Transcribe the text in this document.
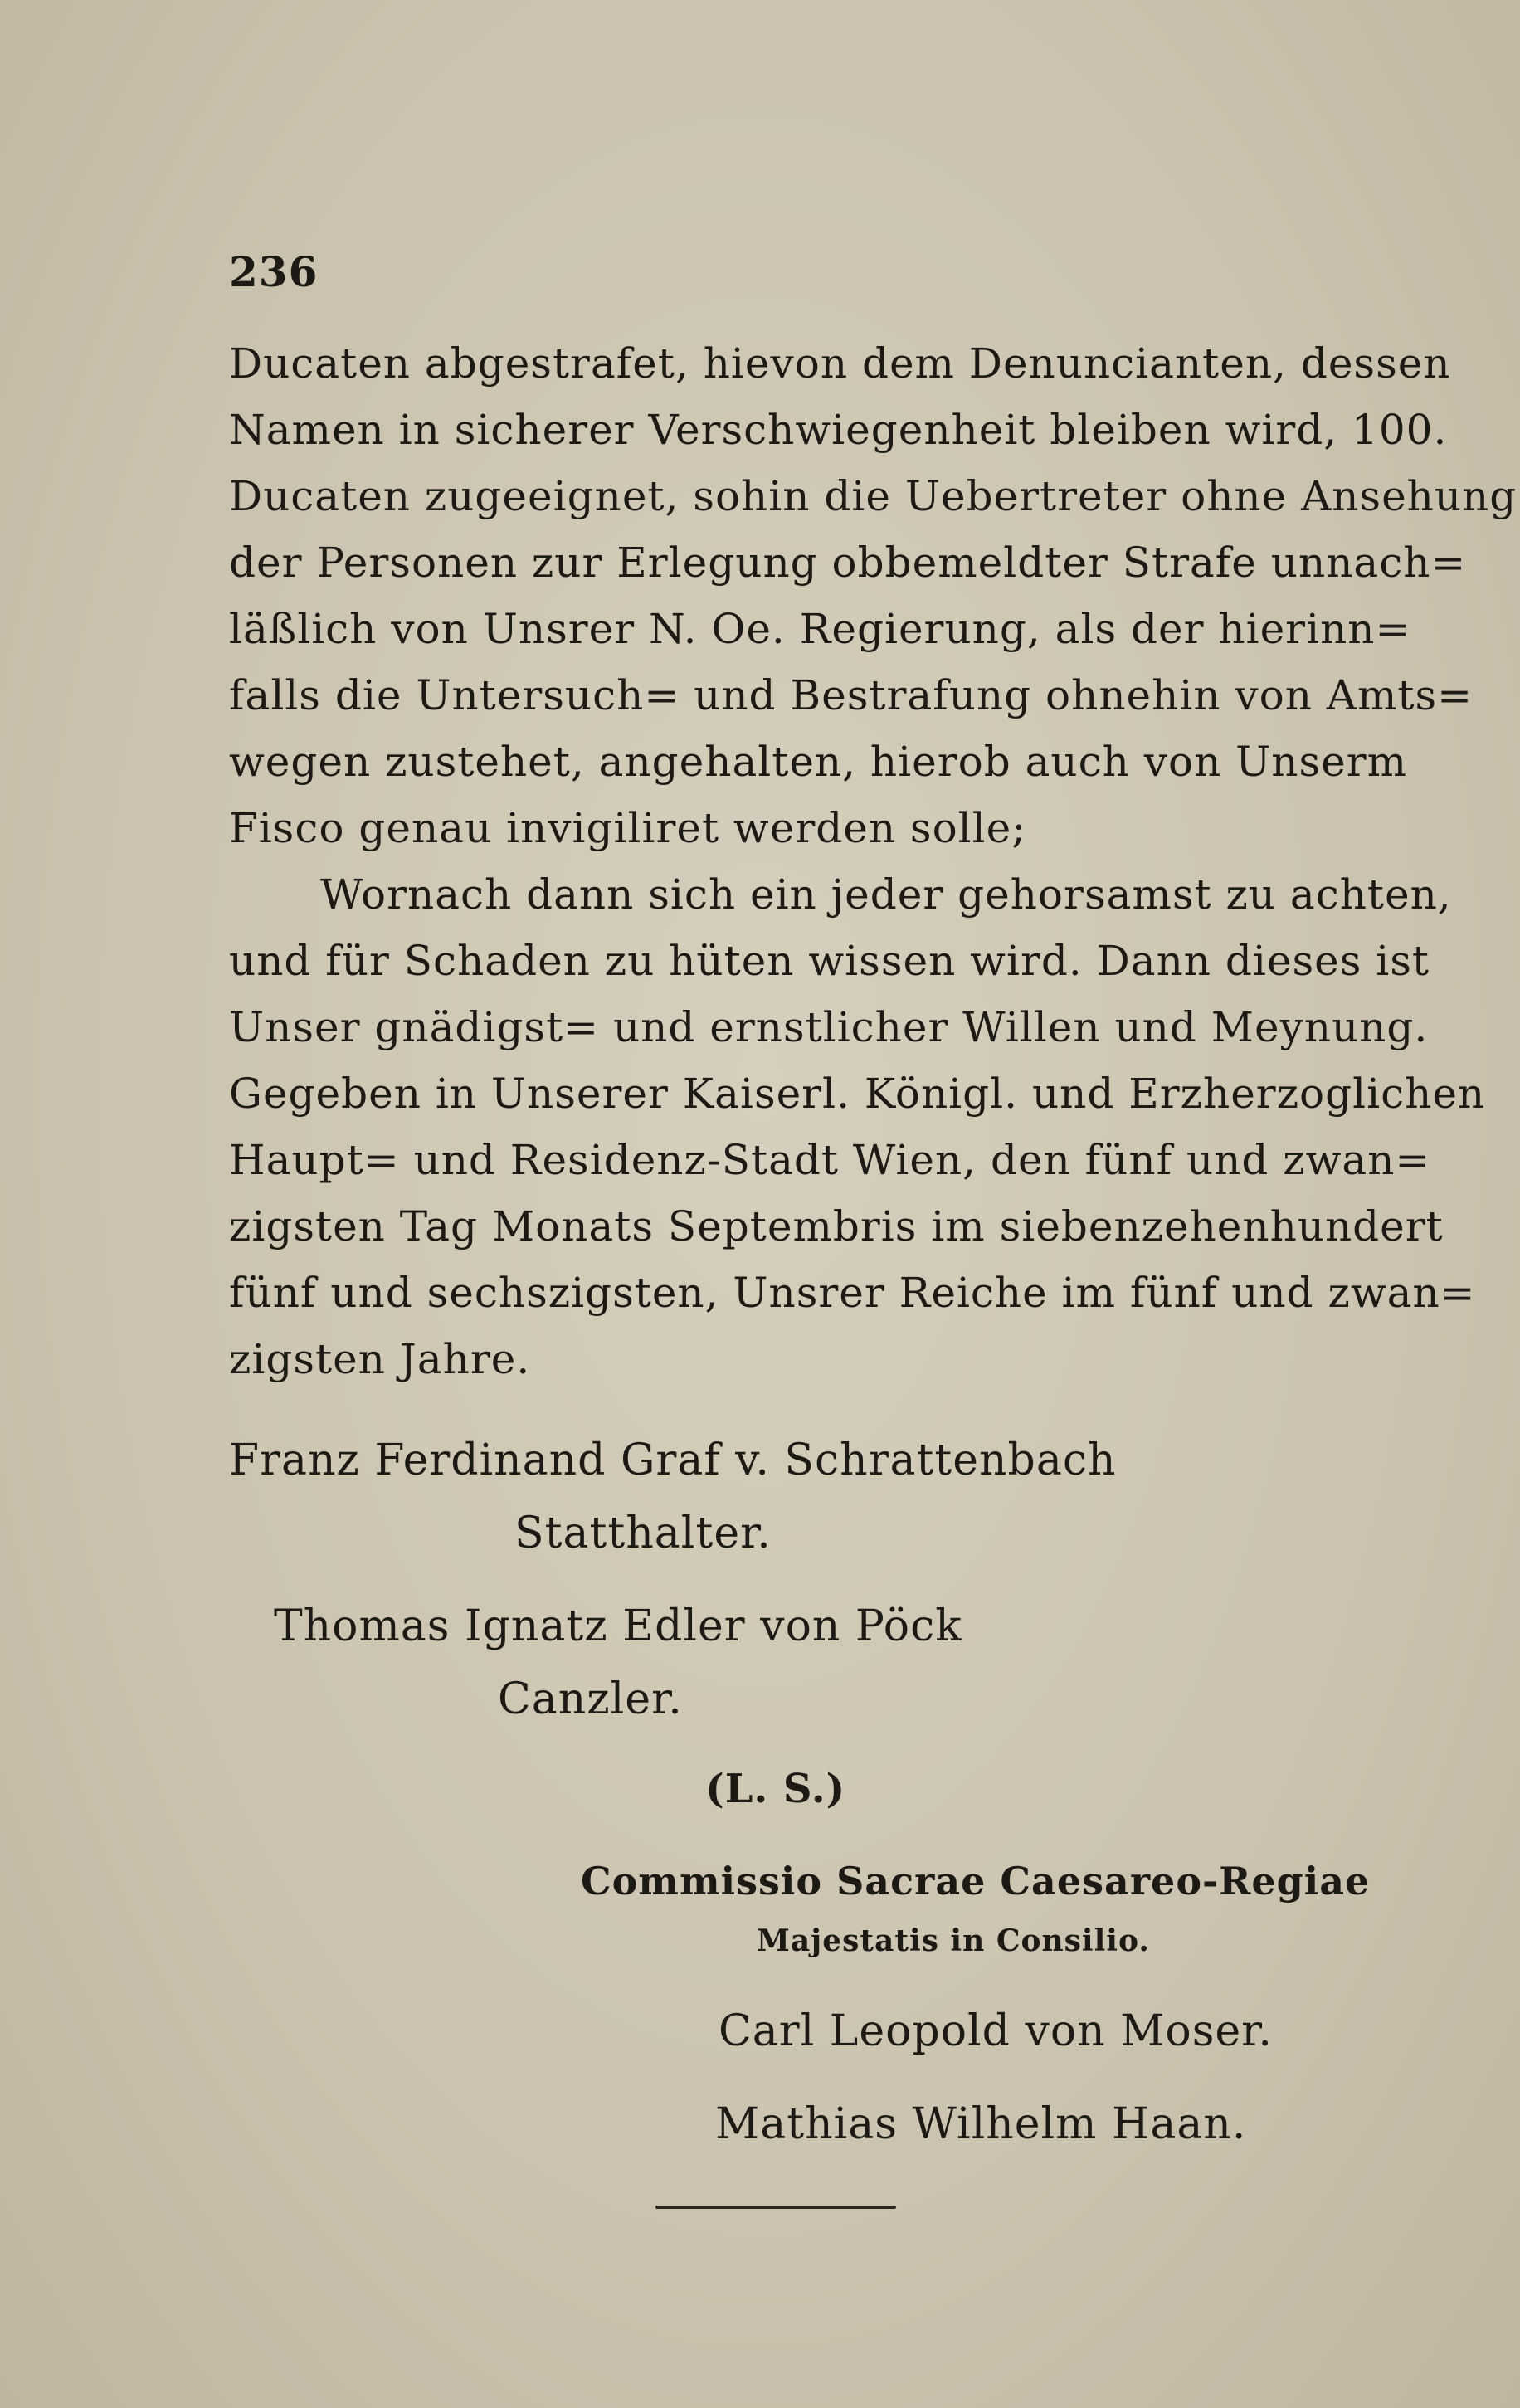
236
Ducaten abgestrafet, hievon dem Denuncianten, dessen
Namen in sicherer Verschwiegenheit bleiben wird, 100.
Ducaten zugeeignet, sohin die Uebertreter ohne Ansehung
der Personen zur Erlegung obbemeldter Strafe unnach=
läßlich von Unsrer N. Oe. Regierung, als der hierinn=
falls die Untersuch= und Bestrafung ohnehin von Amts=
wegen zustehet, angehalten, hierob auch von Unserm
Fisco genau invigiliret werden solle;
Wornach dann sich ein jeder gehorsamst zu achten,
und für Schaden zu hüten wissen wird. Dann dieses ist
Unser gnädigst= und ernstlicher Willen und Meynung.
Gegeben in Unserer Kaiserl. Königl. und Erzherzoglichen
Haupt= und Residenz-Stadt Wien, den fünf und zwan=
zigsten Tag Monats Septembris im siebenzehenhundert
fünf und sechszigsten, Unsrer Reiche im fünf und zwan=
zigsten Jahre.
Franz Ferdinand Graf v. Schrattenbach
Statthalter.
Thomas Ignatz Edler von Pöck
Canzler.
(L. S.)
Commissio Sacrae Caesareo-Regiae
Majestatis in Consilio.
Carl Leopold von Moser.
Mathias Wilhelm Haan.
